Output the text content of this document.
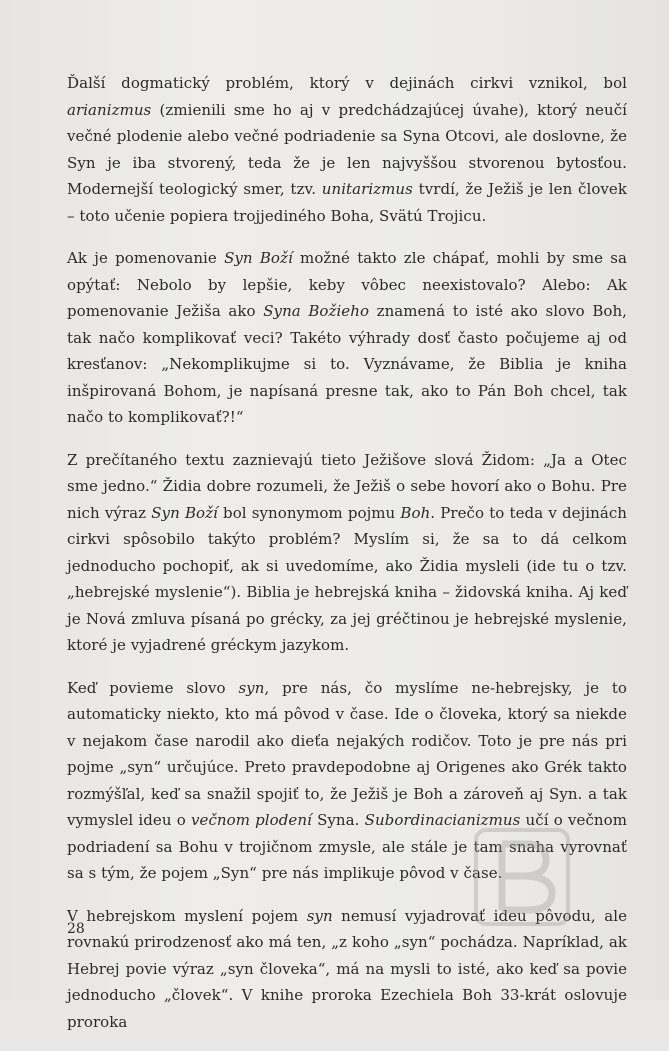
Ďalší dogmatický problém, ktorý v dejinách cirkvi vznikol, bol arianizmus (zmienili sme ho aj v predchádzajúcej úvahe), ktorý neučí večné plodenie alebo večné podriadenie sa Syna Otcovi, ale doslovne, že Syn je iba stvorený, teda že je len najvyššou stvorenou bytosťou. Modernejší teologický smer, tzv. unitarizmus tvrdí, že Ježiš je len človek – toto učenie popiera trojjediného Boha, Svätú Trojicu.

Ak je pomenovanie Syn Boží možné takto zle chápať, mohli by sme sa opýtať: Nebolo by lepšie, keby vôbec neexistovalo? Alebo: Ak pomenovanie Ježiša ako Syna Božieho znamená to isté ako slovo Boh, tak načo komplikovať veci? Takéto výhrady dosť často počujeme aj od kresťanov: „Nekomplikujme si to. Vyznávame, že Biblia je kniha inšpirovaná Bohom, je napísaná presne tak, ako to Pán Boh chcel, tak načo to komplikovať?!“

Z prečítaného textu zaznievajú tieto Ježišove slová Židom: „Ja a Otec sme jedno.“ Židia dobre rozumeli, že Ježiš o sebe hovorí ako o Bohu. Pre nich výraz Syn Boží bol synonymom pojmu Boh. Prečo to teda v dejinách cirkvi spôsobilo takýto problém? Myslím si, že sa to dá celkom jednoducho pochopiť, ak si uvedomíme, ako Židia mysleli (ide tu o tzv. „hebrejské myslenie“). Biblia je hebrejská kniha – židovská kniha. Aj keď je Nová zmluva písaná po grécky, za jej gréčtinou je hebrejské myslenie, ktoré je vyjadrené gréckym jazykom.

Keď povieme slovo syn, pre nás, čo myslíme ne-hebrejsky, je to automaticky niekto, kto má pôvod v čase. Ide o človeka, ktorý sa niekde v nejakom čase narodil ako dieťa nejakých rodičov. Toto je pre nás pri pojme „syn“ určujúce. Preto pravdepodobne aj Origenes ako Grék takto rozmýšľal, keď sa snažil spojiť to, že Ježiš je Boh a zároveň aj Syn. a tak vymyslel ideu o večnom plodení Syna. Subordinacianizmus učí o večnom podriadení sa Bohu v trojičnom zmysle, ale stále je tam snaha vyrovnať sa s tým, že pojem „Syn“ pre nás implikuje pôvod v čase.

V hebrejskom myslení pojem syn nemusí vyjadrovať ideu pôvodu, ale rovnakú prirodzenosť ako má ten, „z koho „syn“ pochádza. Napríklad, ak Hebrej povie výraz „syn človeka“, má na mysli to isté, ako keď sa povie jednoducho „človek“. V knihe proroka Ezechiela Boh 33-krát oslovuje proroka

28
